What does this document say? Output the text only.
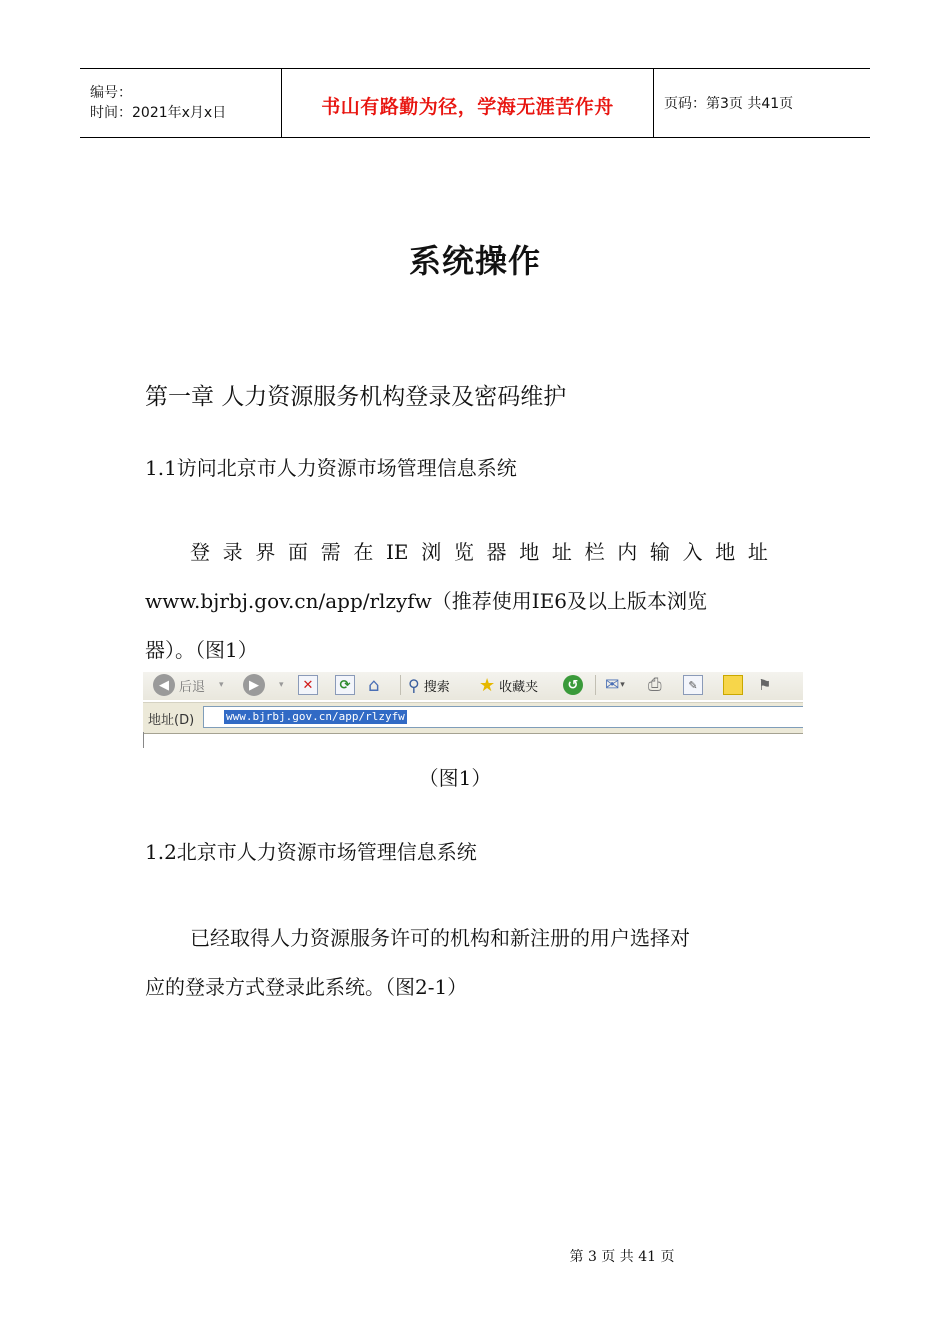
编号：
时间：2021年x月x日	书山有路勤为径，学海无涯苦作舟	页码：第3页 共41页
系统操作
第一章 人力资源服务机构登录及密码维护
1.1访问北京市人力资源市场管理信息系统
登 录 界 面 需 在 IE 浏 览 器 地 址 栏 内 输 入 地 址
www.bjrbj.gov.cn/app/rlzyfw（推荐使用IE6及以上版本浏览
器）。（图1）
◀ 后退 ▾	▶	▾	✕	⟳ ⌂ ⚲ 搜索 ★ 收藏夹	↺ ✉ ▾ ⎙	✎	⚑
地址(D)	www.bjrbj.gov.cn/app/rlzyfw
（图1）
1.2北京市人力资源市场管理信息系统
已经取得人力资源服务许可的机构和新注册的用户选择对
应的登录方式登录此系统。（图2-1）
第 3 页 共 41 页
